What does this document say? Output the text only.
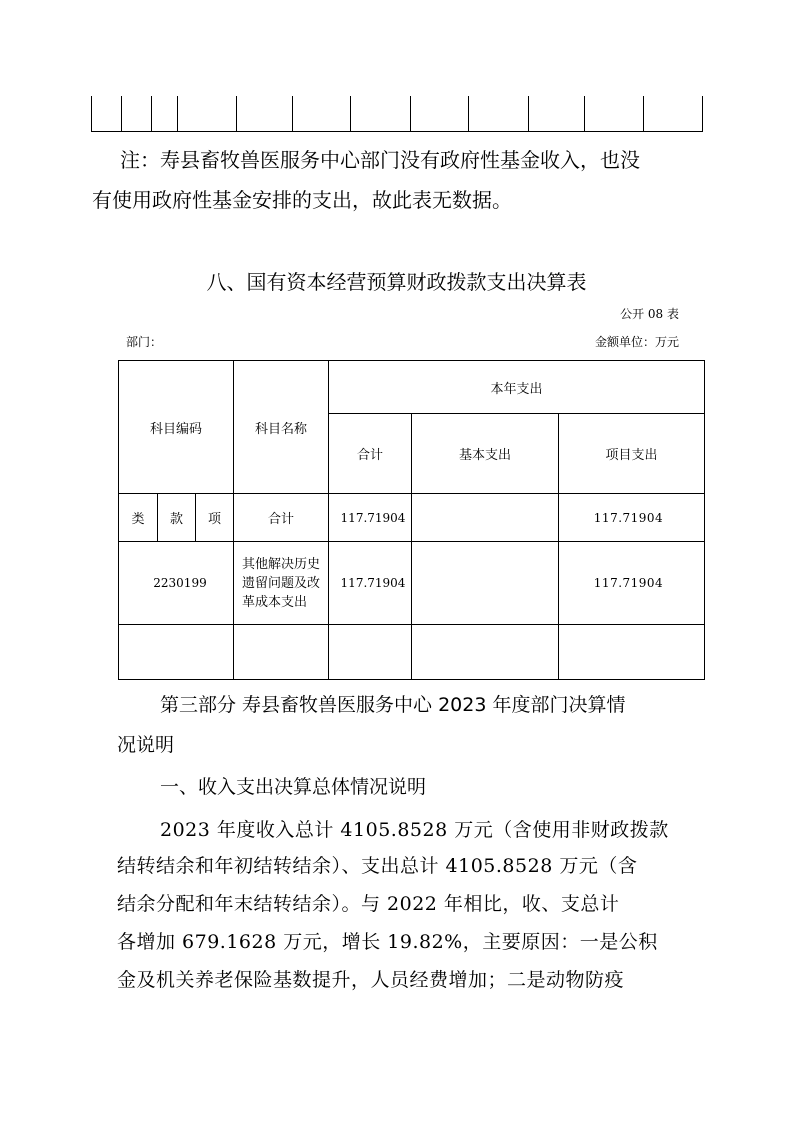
注：寿县畜牧兽医服务中心部门没有政府性基金收入，也没
有使用政府性基金安排的支出，故此表无数据。
八、国有资本经营预算财政拨款支出决算表
公开 08 表
部门：	金额单位：万元
科目编码			科目名称	本年支出		
				合计	基本支出	项目支出
类	款	项	合计	117.71904		117.71904
2230199			其他解决历史遗留问题及改革成本支出	117.71904		117.71904

第三部分 寿县畜牧兽医服务中心 2023 年度部门决算情
况说明
一、收入支出决算总体情况说明
2023 年度收入总计 4105.8528 万元（含使用非财政拨款
结转结余和年初结转结余）、支出总计 4105.8528 万元（含
结余分配和年末结转结余）。与 2022 年相比，收、支总计
各增加 679.1628 万元，增长 19.82%，主要原因：一是公积
金及机关养老保险基数提升，人员经费增加；二是动物防疫
